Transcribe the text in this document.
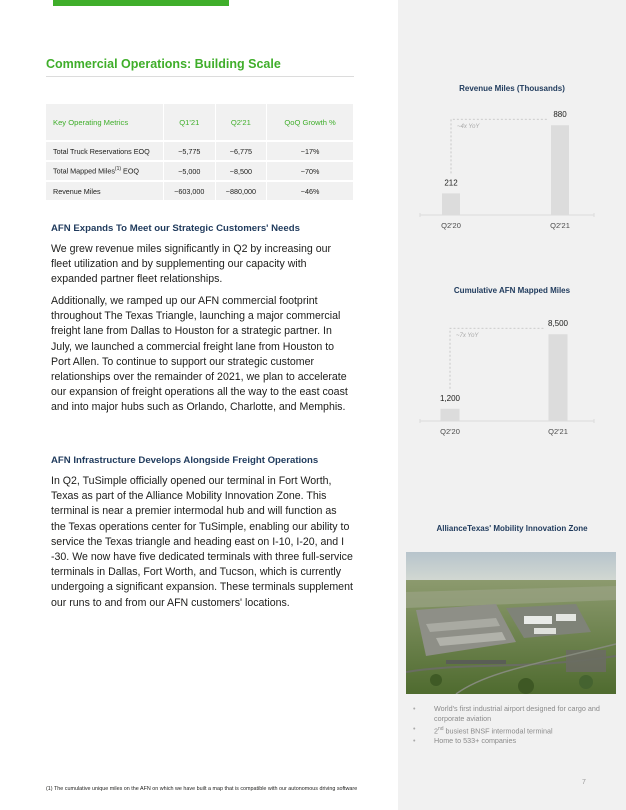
Commercial Operations: Building Scale
Key Operating Metrics	Q1'21	Q2'21	QoQ Growth %
Total Truck Reservations EOQ	~5,775	~6,775	~17%
Total Mapped Miles$^{(1)}$ EOQ	~5,000	~8,500	~70%
Revenue Miles	~603,000	~880,000	~46%
AFN Expands To Meet our Strategic Customers' Needs

We grew revenue miles significantly in Q2 by increasing our fleet utilization and by supplementing our capacity with expanded partner fleet relationships.

Additionally, we ramped up our AFN commercial footprint throughout The Texas Triangle, launching a major commercial freight lane from Dallas to Houston for a strategic partner. In July, we launched a commercial freight lane from Houston to Port Allen. To continue to support our strategic customer relationships over the remainder of 2021, we plan to accelerate our expansion of freight operations all the way to the east coast and into major hubs such as Orlando, Charlotte, and Memphis.

AFN Infrastructure Develops Alongside Freight Operations

In Q2, TuSimple officially opened our terminal in Fort Worth, Texas as part of the Alliance Mobility Innovation Zone. This terminal is near a premier intermodal hub and will function as the Texas operations center for TuSimple, enabling our ability to service the Texas triangle and heading east on I-10, I-20, and I -30. We now have five dedicated terminals with three full-service terminals in Dallas, Fort Worth, and Tucson, which is currently undergoing a significant expansion. These terminals supplement our runs to and from our AFN customers' locations.

(1) The cumulative unique miles on the AFN on which we have built a map that is compatible with our autonomous driving software
Revenue Miles (Thousands)
212
880
Q2'20	Q2'21
~4x YoY
Cumulative AFN Mapped Miles
1,200
8,500
Q2'20	Q2'21
~7x YoY
AllianceTexas' Mobility Innovation Zone
• World's first industrial airport designed for cargo and corporate aviation
• 2nd busiest BNSF intermodal terminal
• Home to 533+ companies
7
